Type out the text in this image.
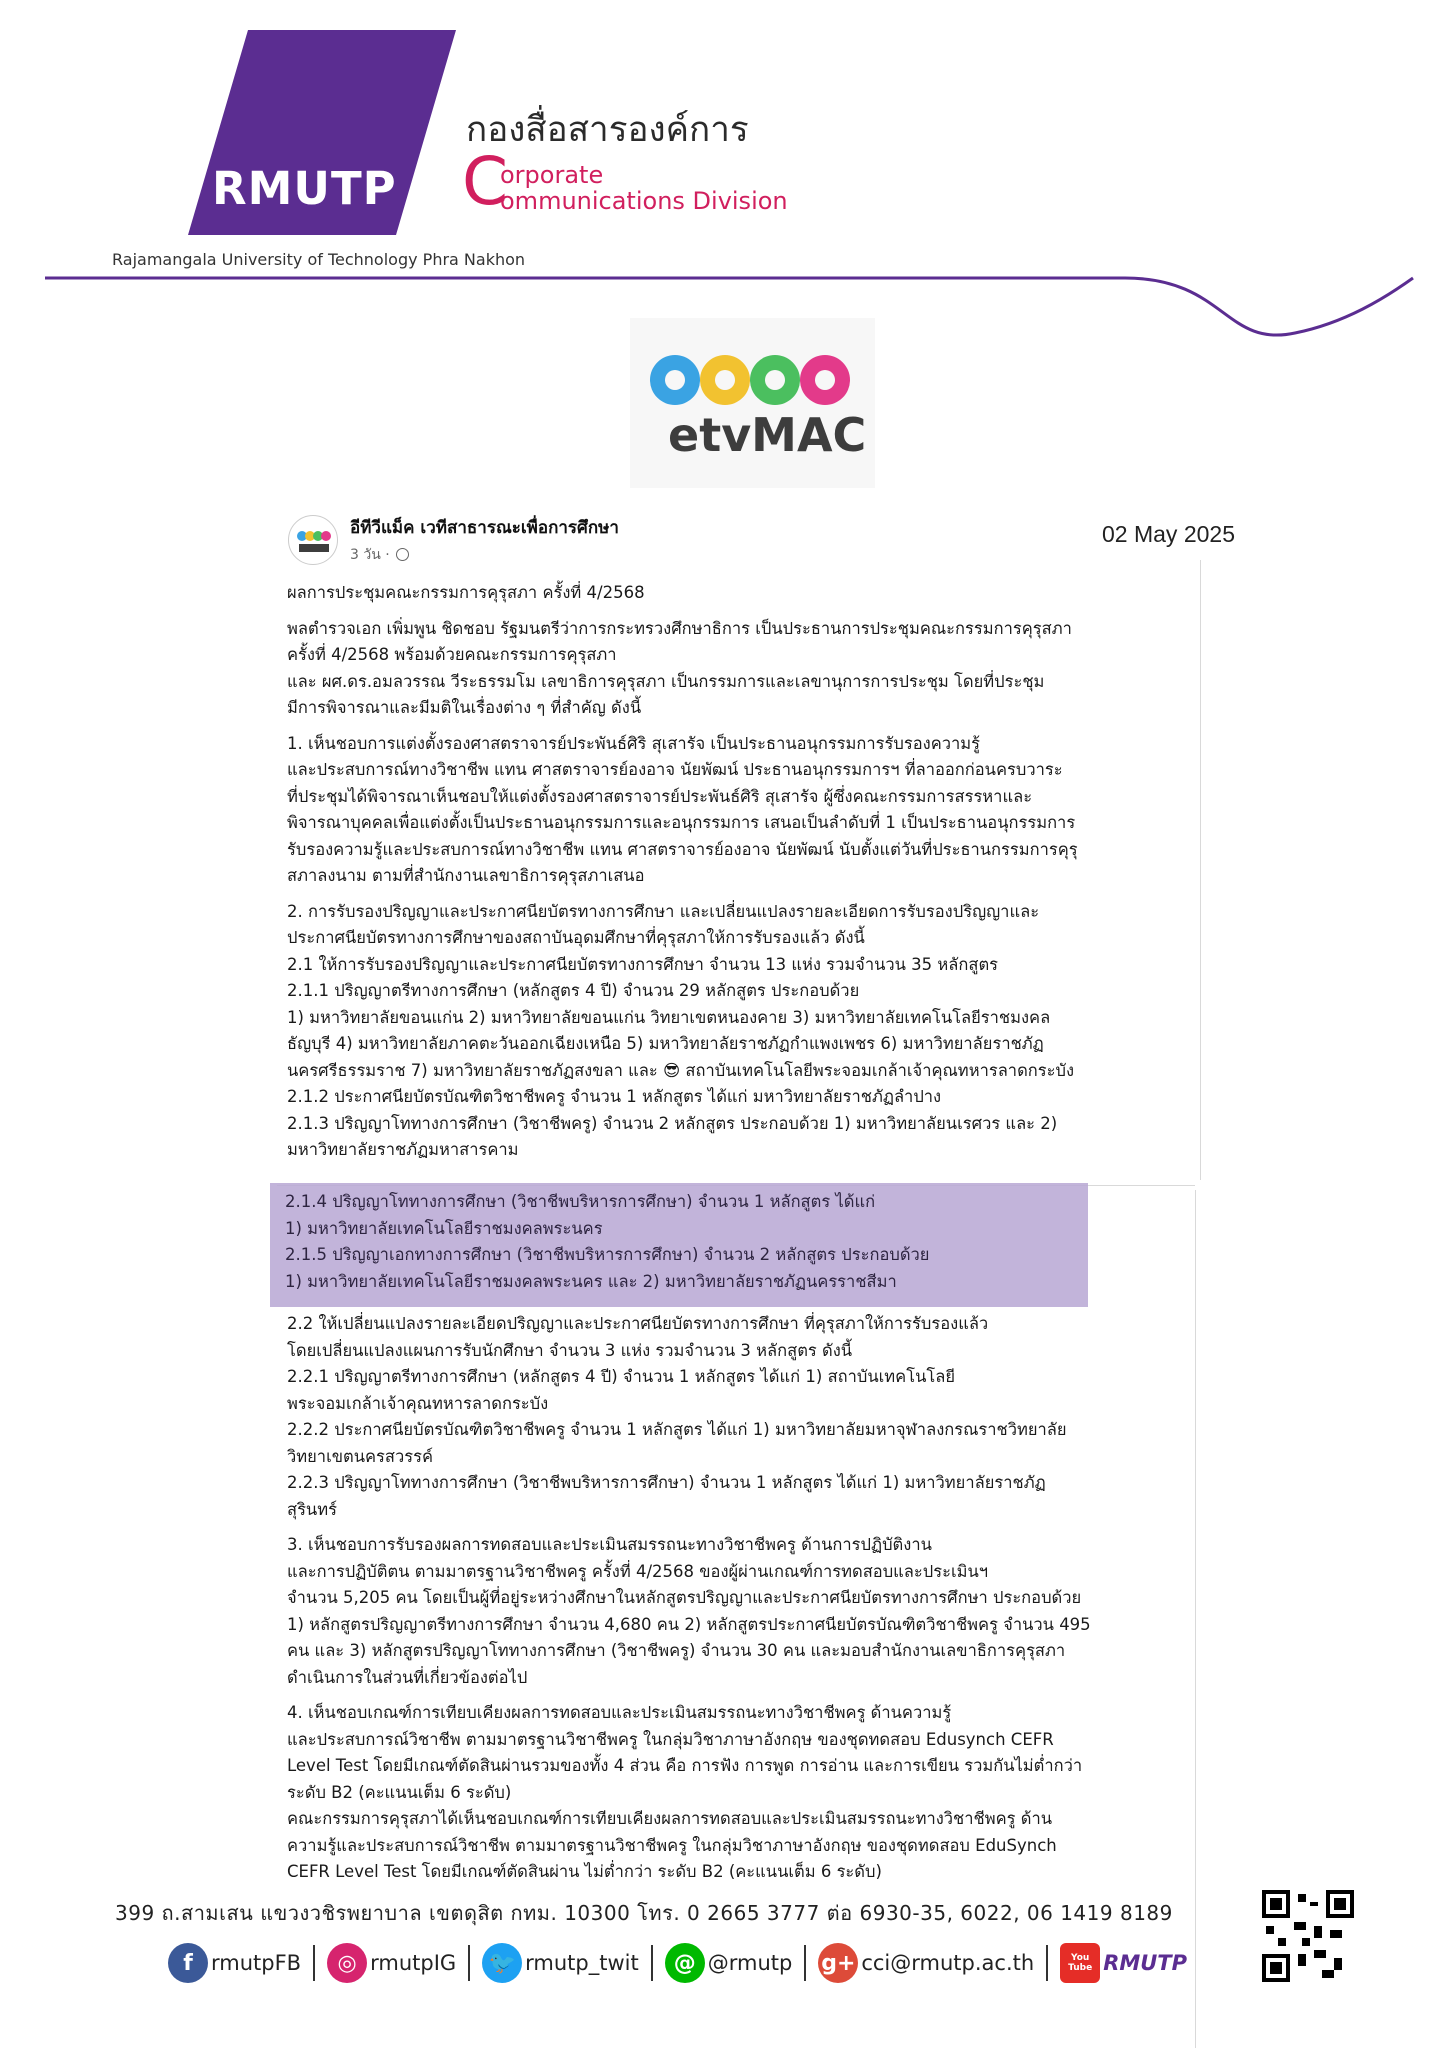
RMUTP
กองสื่อสารองค์การ
C
orporate
ommunications Division
Rajamangala University of Technology Phra Nakhon
etvMAC
อีทีวีแม็ค เวทีสาธารณะเพื่อการศึกษา
3 วัน ·
02 May 2025
ผลการประชุมคณะกรรมการคุรุสภา ครั้งที่ 4/2568
พลตำรวจเอก เพิ่มพูน ชิดชอบ รัฐมนตรีว่าการกระทรวงศึกษาธิการ เป็นประธานการประชุมคณะกรรมการคุรุสภา
ครั้งที่ 4/2568 พร้อมด้วยคณะกรรมการคุรุสภา
และ ผศ.ดร.อมลวรรณ วีระธรรมโม เลขาธิการคุรุสภา เป็นกรรมการและเลขานุการการประชุม โดยที่ประชุม
มีการพิจารณาและมีมติในเรื่องต่าง ๆ ที่สำคัญ ดังนี้
1. เห็นชอบการแต่งตั้งรองศาสตราจารย์ประพันธ์ศิริ สุเสารัจ เป็นประธานอนุกรรมการรับรองความรู้
และประสบการณ์ทางวิชาชีพ แทน ศาสตราจารย์องอาจ นัยพัฒน์ ประธานอนุกรรมการฯ ที่ลาออกก่อนครบวาระ
ที่ประชุมได้พิจารณาเห็นชอบให้แต่งตั้งรองศาสตราจารย์ประพันธ์ศิริ สุเสารัจ ผู้ซึ่งคณะกรรมการสรรหาและ
พิจารณาบุคคลเพื่อแต่งตั้งเป็นประธานอนุกรรมการและอนุกรรมการ เสนอเป็นลำดับที่ 1 เป็นประธานอนุกรรมการ
รับรองความรู้และประสบการณ์ทางวิชาชีพ แทน ศาสตราจารย์องอาจ นัยพัฒน์ นับตั้งแต่วันที่ประธานกรรมการคุรุ
สภาลงนาม ตามที่สำนักงานเลขาธิการคุรุสภาเสนอ
2. การรับรองปริญญาและประกาศนียบัตรทางการศึกษา และเปลี่ยนแปลงรายละเอียดการรับรองปริญญาและ
ประกาศนียบัตรทางการศึกษาของสถาบันอุดมศึกษาที่คุรุสภาให้การรับรองแล้ว ดังนี้
2.1 ให้การรับรองปริญญาและประกาศนียบัตรทางการศึกษา จำนวน 13 แห่ง รวมจำนวน 35 หลักสูตร
2.1.1 ปริญญาตรีทางการศึกษา (หลักสูตร 4 ปี) จำนวน 29 หลักสูตร ประกอบด้วย
1) มหาวิทยาลัยขอนแก่น 2) มหาวิทยาลัยขอนแก่น วิทยาเขตหนองคาย 3) มหาวิทยาลัยเทคโนโลยีราชมงคล
ธัญบุรี 4) มหาวิทยาลัยภาคตะวันออกเฉียงเหนือ 5) มหาวิทยาลัยราชภัฏกำแพงเพชร 6) มหาวิทยาลัยราชภัฏ
นครศรีธรรมราช 7) มหาวิทยาลัยราชภัฏสงขลา และ 😎 สถาบันเทคโนโลยีพระจอมเกล้าเจ้าคุณทหารลาดกระบัง
2.1.2 ประกาศนียบัตรบัณฑิตวิชาชีพครู จำนวน 1 หลักสูตร ได้แก่ มหาวิทยาลัยราชภัฏลำปาง
2.1.3 ปริญญาโททางการศึกษา (วิชาชีพครู) จำนวน 2 หลักสูตร ประกอบด้วย 1) มหาวิทยาลัยนเรศวร และ 2)
มหาวิทยาลัยราชภัฏมหาสารคาม
2.1.4 ปริญญาโททางการศึกษา (วิชาชีพบริหารการศึกษา) จำนวน 1 หลักสูตร ได้แก่
1) มหาวิทยาลัยเทคโนโลยีราชมงคลพระนคร
2.1.5 ปริญญาเอกทางการศึกษา (วิชาชีพบริหารการศึกษา) จำนวน 2 หลักสูตร ประกอบด้วย
1) มหาวิทยาลัยเทคโนโลยีราชมงคลพระนคร และ 2) มหาวิทยาลัยราชภัฏนครราชสีมา
2.2 ให้เปลี่ยนแปลงรายละเอียดปริญญาและประกาศนียบัตรทางการศึกษา ที่คุรุสภาให้การรับรองแล้ว
โดยเปลี่ยนแปลงแผนการรับนักศึกษา จำนวน 3 แห่ง รวมจำนวน 3 หลักสูตร ดังนี้
2.2.1 ปริญญาตรีทางการศึกษา (หลักสูตร 4 ปี) จำนวน 1 หลักสูตร ได้แก่ 1) สถาบันเทคโนโลยี
พระจอมเกล้าเจ้าคุณทหารลาดกระบัง
2.2.2 ประกาศนียบัตรบัณฑิตวิชาชีพครู จำนวน 1 หลักสูตร ได้แก่ 1) มหาวิทยาลัยมหาจุฬาลงกรณราชวิทยาลัย
วิทยาเขตนครสวรรค์
2.2.3 ปริญญาโททางการศึกษา (วิชาชีพบริหารการศึกษา) จำนวน 1 หลักสูตร ได้แก่ 1) มหาวิทยาลัยราชภัฏ
สุรินทร์
3. เห็นชอบการรับรองผลการทดสอบและประเมินสมรรถนะทางวิชาชีพครู ด้านการปฏิบัติงาน
และการปฏิบัติตน ตามมาตรฐานวิชาชีพครู ครั้งที่ 4/2568 ของผู้ผ่านเกณฑ์การทดสอบและประเมินฯ
จำนวน 5,205 คน โดยเป็นผู้ที่อยู่ระหว่างศึกษาในหลักสูตรปริญญาและประกาศนียบัตรทางการศึกษา ประกอบด้วย
1) หลักสูตรปริญญาตรีทางการศึกษา จำนวน 4,680 คน 2) หลักสูตรประกาศนียบัตรบัณฑิตวิชาชีพครู จำนวน 495
คน และ 3) หลักสูตรปริญญาโททางการศึกษา (วิชาชีพครู) จำนวน 30 คน และมอบสำนักงานเลขาธิการคุรุสภา
ดำเนินการในส่วนที่เกี่ยวข้องต่อไป
4. เห็นชอบเกณฑ์การเทียบเคียงผลการทดสอบและประเมินสมรรถนะทางวิชาชีพครู ด้านความรู้
และประสบการณ์วิชาชีพ ตามมาตรฐานวิชาชีพครู ในกลุ่มวิชาภาษาอังกฤษ ของชุดทดสอบ Edusynch CEFR
Level Test โดยมีเกณฑ์ตัดสินผ่านรวมของทั้ง 4 ส่วน คือ การฟัง การพูด การอ่าน และการเขียน รวมกันไม่ต่ำกว่า
ระดับ B2 (คะแนนเต็ม 6 ระดับ)
คณะกรรมการคุรุสภาได้เห็นชอบเกณฑ์การเทียบเคียงผลการทดสอบและประเมินสมรรถนะทางวิชาชีพครู ด้าน
ความรู้และประสบการณ์วิชาชีพ ตามมาตรฐานวิชาชีพครู ในกลุ่มวิชาภาษาอังกฤษ ของชุดทดสอบ EduSynch
CEFR Level Test โดยมีเกณฑ์ตัดสินผ่าน ไม่ต่ำกว่า ระดับ B2 (คะแนนเต็ม 6 ระดับ)
399 ถ.สามเสน แขวงวชิรพยาบาล เขตดุสิต กทม. 10300 โทร. 0 2665 3777 ต่อ 6930-35, 6022, 06 1419 8189
f rmutpFB	◎ rmutpIG 🐦 rmutp_twit	@ @rmutp g+ cci@rmutp.ac.th	You Tube RMUTP
